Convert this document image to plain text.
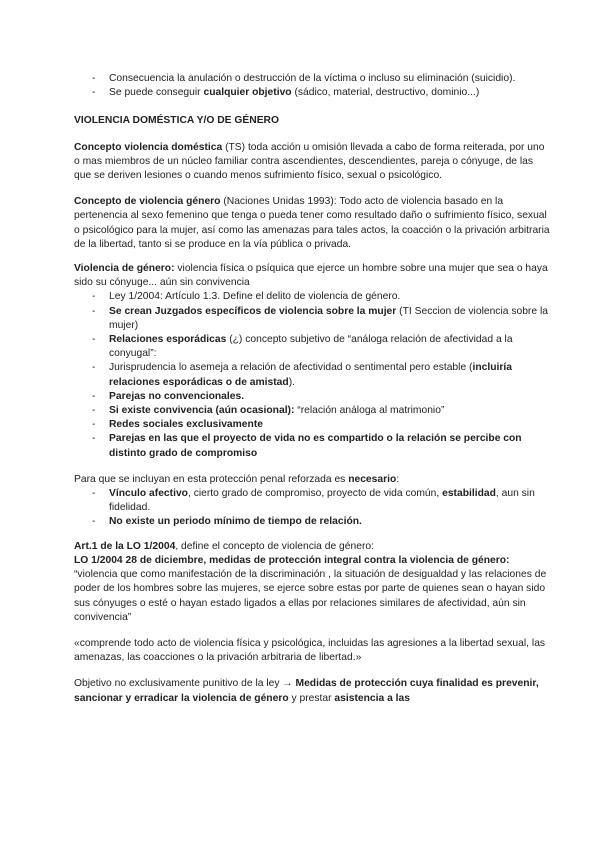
- Consecuencia la anulación o destrucción de la víctima o incluso su eliminación (suicidio).
- Se puede conseguir cualquier objetivo (sádico, material, destructivo, dominio...)

VIOLENCIA DOMÉSTICA Y/O DE GÉNERO

Concepto violencia doméstica (TS) toda acción u omisión llevada a cabo de forma reiterada, por uno o mas miembros de un núcleo familiar contra ascendientes, descendientes, pareja o cónyuge, de las que se deriven lesiones o cuando menos sufrimiento físico, sexual o psicológico.

Concepto de violencia género (Naciones Unidas 1993): Todo acto de violencia basado en la pertenencia al sexo femenino que tenga o pueda tener como resultado daño o sufrimiento físico, sexual o psicológico para la mujer, así como las amenazas para tales actos, la coacción o la privación arbitraria de la libertad, tanto si se produce en la vía pública o privada.

Violencia de género: violencia física o psíquica que ejerce un hombre sobre una mujer que sea o haya sido su cónyuge... aún sin convivencia

- Ley 1/2004: Artículo 1.3. Define el delito de violencia de género.
- Se crean Juzgados específicos de violencia sobre la mujer (TI Seccion de violencia sobre la mujer)
- Relaciones esporádicas (¿) concepto subjetivo de “análoga relación de afectividad a la conyugal”:
- Jurisprudencia lo asemeja a relación de afectividad o sentimental pero estable (incluiría relaciones esporádicas o de amistad).
- Parejas no convencionales.
- Si existe convivencia (aún ocasional): “relación análoga al matrimonio”
- Redes sociales exclusivamente
- Parejas en las que el proyecto de vida no es compartido o la relación se percibe con distinto grado de compromiso

Para que se incluyan en esta protección penal reforzada es necesario:

- Vínculo afectivo, cierto grado de compromiso, proyecto de vida común, estabilidad, aun sin fidelidad.
- No existe un periodo mínimo de tiempo de relación.

Art.1 de la LO 1/2004, define el concepto de violencia de género:

LO 1/2004 28 de diciembre, medidas de protección integral contra la violencia de género:

“violencia que como manifestación de la discriminación , la situación de desigualdad y las relaciones de poder de los hombres sobre las mujeres, se ejerce sobre estas por parte de quienes sean o hayan sido sus cónyuges o esté o hayan estado ligados a ellas por relaciones similares de afectividad, aún sin convivencia”

«comprende todo acto de violencia física y psicológica, incluidas las agresiones a la libertad sexual, las amenazas, las coacciones o la privación arbitraria de libertad.»

Objetivo no exclusivamente punitivo de la ley → Medidas de protección cuya finalidad es prevenir, sancionar y erradicar la violencia de género y prestar asistencia a las
